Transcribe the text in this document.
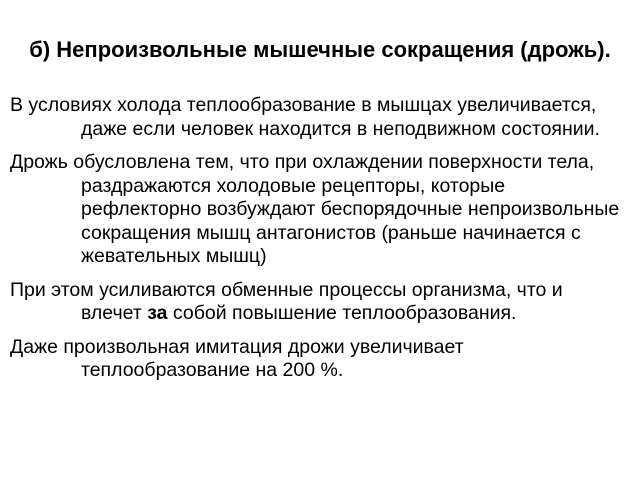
б) Непроизвольные мышечные сокращения (дрожь).

В условиях холода теплообразование в мышцах увеличивается, даже если человек находится в неподвижном состоянии.

Дрожь обусловлена тем, что при охлаждении поверхности тела, раздражаются холодовые рецепторы, которые рефлекторно возбуждают беспорядочные непроизвольные сокращения мышц антагонистов (раньше начинается с жевательных мышц)

При этом усиливаются обменные процессы организма, что и влечет за собой повышение теплообразования.

Даже произвольная имитация дрожи увеличивает теплообразование на 200 %.
